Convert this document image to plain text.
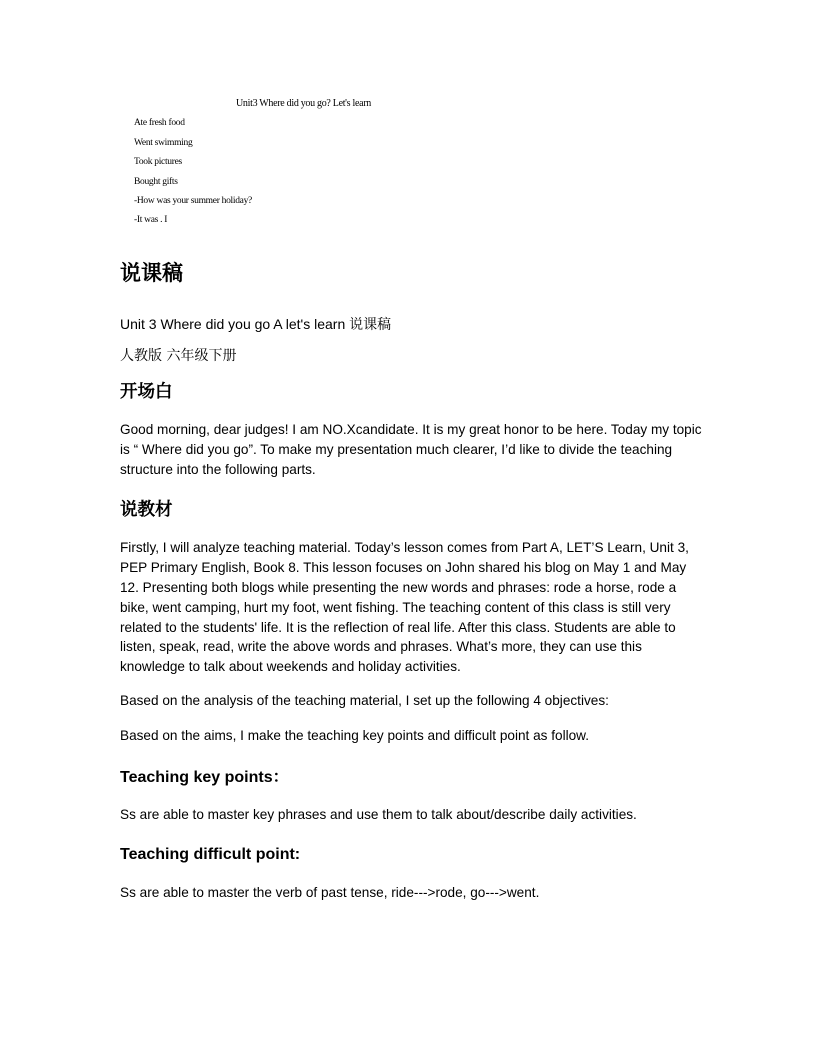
Unit3 Where did you go? Let's learn
Ate fresh food
Went swimming
Took pictures
Bought gifts
-How was your summer holiday?
-It was . I
说课稿
Unit 3 Where did you go A let's learn 说课稿
人教版 六年级下册
开场白
Good morning, dear judges! I am NO.Xcandidate. It is my great honor to be here. Today my topic is “ Where did you go”. To make my presentation much clearer, I’d like to divide the teaching structure into the following parts.
说教材
Firstly, I will analyze teaching material. Today’s lesson comes from Part A, LET’S Learn, Unit 3, PEP Primary English, Book 8. This lesson focuses on John shared his blog on May 1 and May 12. Presenting both blogs while presenting the new words and phrases: rode a horse, rode a bike, went camping, hurt my foot, went fishing. The teaching content of this class is still very related to the students' life. It is the reflection of real life. After this class. Students are able to listen, speak, read, write the above words and phrases. What’s more, they can use this knowledge to talk about weekends and holiday activities.
Based on the analysis of the teaching material, I set up the following 4 objectives:
Based on the aims, I make the teaching key points and difficult point as follow.
Teaching key points：
Ss are able to master key phrases and use them to talk about/describe daily activities.
Teaching difficult point:
Ss are able to master the verb of past tense, ride--->rode, go--->went.
